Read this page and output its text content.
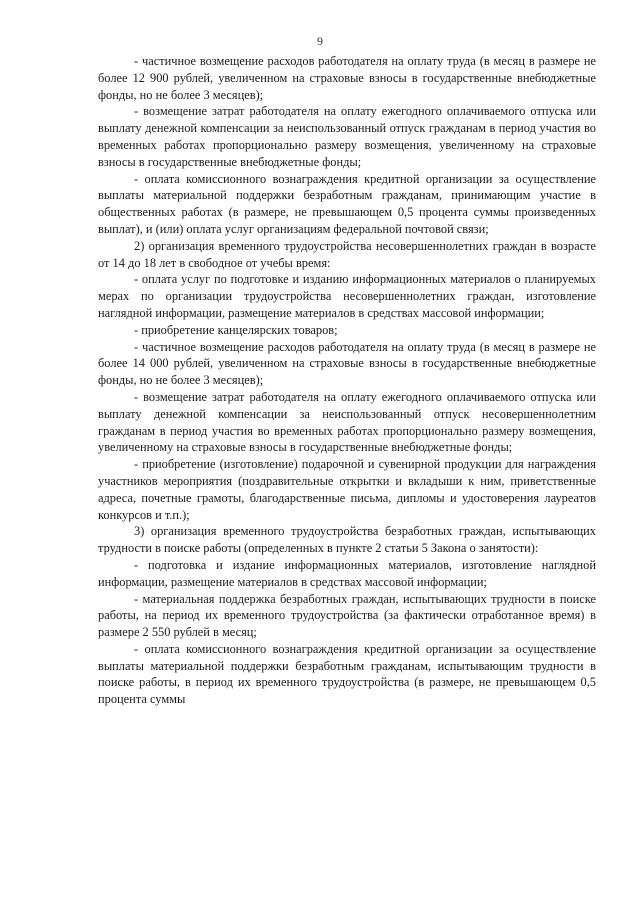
9

- частичное возмещение расходов работодателя на оплату труда (в месяц в размере не более 12 900 рублей, увеличенном на страховые взносы в государственные внебюджетные фонды, но не более 3 месяцев);

- возмещение затрат работодателя на оплату ежегодного оплачиваемого отпуска или выплату денежной компенсации за неиспользованный отпуск гражданам в период участия во временных работах пропорционально размеру возмещения, увеличенному на страховые взносы в государственные внебюджетные фонды;

- оплата комиссионного вознаграждения кредитной организации за осуществление выплаты материальной поддержки безработным гражданам, принимающим участие в общественных работах (в размере, не превышающем 0,5 процента суммы произведенных выплат), и (или) оплата услуг организациям федеральной почтовой связи;

2) организация временного трудоустройства несовершеннолетних граждан в возрасте от 14 до 18 лет в свободное от учебы время:

- оплата услуг по подготовке и изданию информационных материалов о планируемых мерах по организации трудоустройства несовершеннолетних граждан, изготовление наглядной информации, размещение материалов в средствах массовой информации;

- приобретение канцелярских товаров;

- частичное возмещение расходов работодателя на оплату труда (в месяц в размере не более 14 000 рублей, увеличенном на страховые взносы в государственные внебюджетные фонды, но не более 3 месяцев);

- возмещение затрат работодателя на оплату ежегодного оплачиваемого отпуска или выплату денежной компенсации за неиспользованный отпуск несовершеннолетним гражданам в период участия во временных работах пропорционально размеру возмещения, увеличенному на страховые взносы в государственные внебюджетные фонды;

- приобретение (изготовление) подарочной и сувенирной продукции для награждения участников мероприятия (поздравительные открытки и вкладыши к ним, приветственные адреса, почетные грамоты, благодарственные письма, дипломы и удостоверения лауреатов конкурсов и т.п.);

3) организация временного трудоустройства безработных граждан, испытывающих трудности в поиске работы (определенных в пункте 2 статьи 5 Закона о занятости):

- подготовка и издание информационных материалов, изготовление наглядной информации, размещение материалов в средствах массовой информации;

- материальная поддержка безработных граждан, испытывающих трудности в поиске работы, на период их временного трудоустройства (за фактически отработанное время) в размере 2 550 рублей в месяц;

- оплата комиссионного вознаграждения кредитной организации за осуществление выплаты материальной поддержки безработным гражданам, испытывающим трудности в поиске работы, в период их временного трудоустройства (в размере, не превышающем 0,5 процента суммы
